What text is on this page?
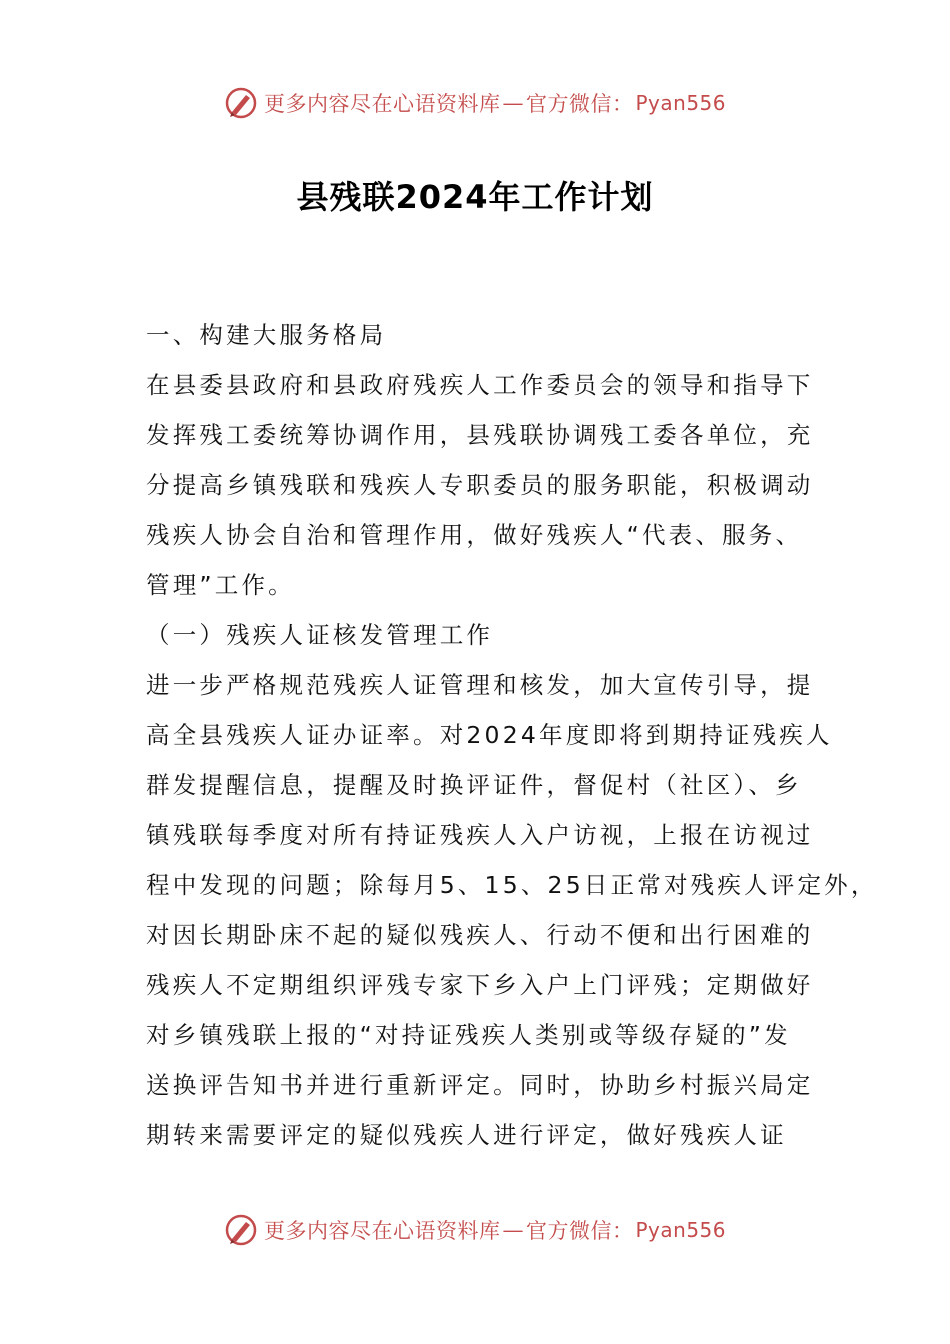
更多内容尽在心语资料库 — 官方微信： Pyan556
县残联2024年工作计划

一、构建大服务格局

在县委县政府和县政府残疾人工作委员会的领导和指导下

发挥残工委统筹协调作用，县残联协调残工委各单位，充

分提高乡镇残联和残疾人专职委员的服务职能，积极调动

残疾人协会自治和管理作用，做好残疾人“代表、服务、

管理”工作。

（一）残疾人证核发管理工作

进一步严格规范残疾人证管理和核发，加大宣传引导，提

高全县残疾人证办证率。对2024年度即将到期持证残疾人

群发提醒信息，提醒及时换评证件，督促村（社区）、乡

镇残联每季度对所有持证残疾人入户访视，上报在访视过

程中发现的问题；除每月5、15、25日正常对残疾人评定外，

对因长期卧床不起的疑似残疾人、行动不便和出行困难的

残疾人不定期组织评残专家下乡入户上门评残；定期做好

对乡镇残联上报的“对持证残疾人类别或等级存疑的”发

送换评告知书并进行重新评定。同时，协助乡村振兴局定

期转来需要评定的疑似残疾人进行评定，做好残疾人证

更多内容尽在心语资料库 — 官方微信： Pyan556
